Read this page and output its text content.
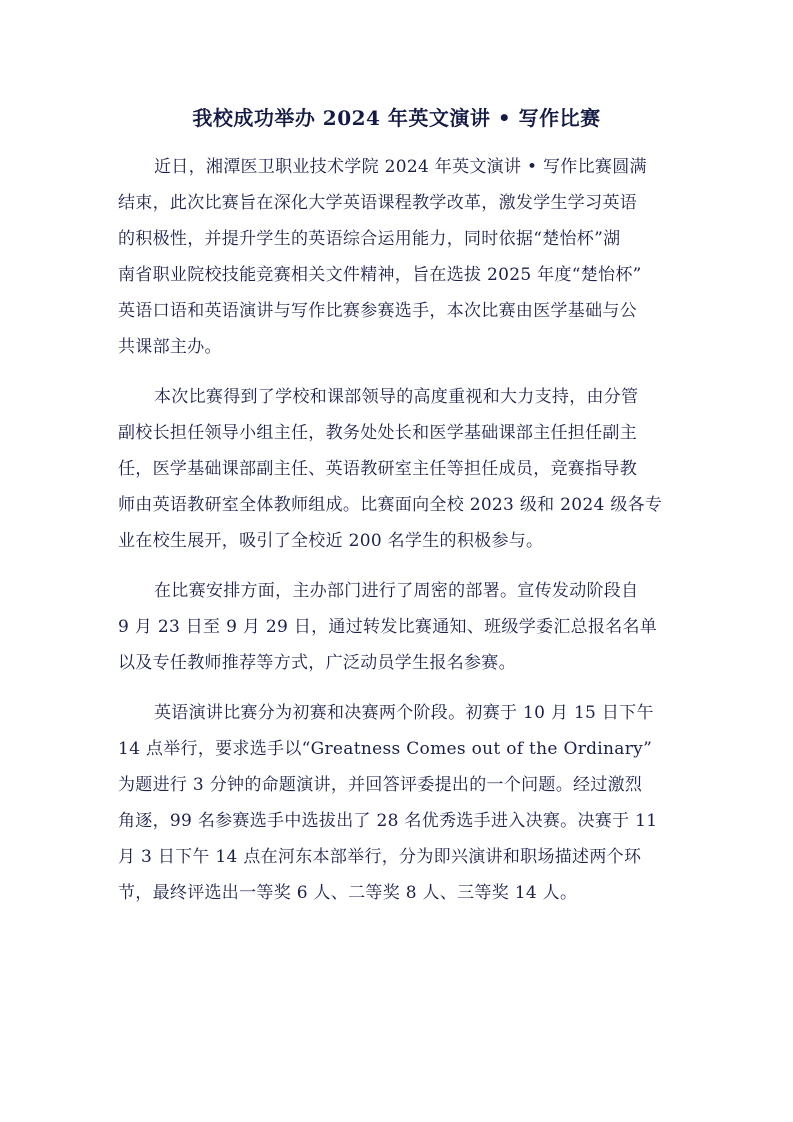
我校成功举办 2024 年英文演讲 • 写作比赛

近日，湘潭医卫职业技术学院 2024 年英文演讲 • 写作比赛圆满
结束，此次比赛旨在深化大学英语课程教学改革，激发学生学习英语
的积极性，并提升学生的英语综合运用能力，同时依据“楚怡杯”湖
南省职业院校技能竞赛相关文件精神，旨在选拔 2025 年度“楚怡杯”
英语口语和英语演讲与写作比赛参赛选手，本次比赛由医学基础与公
共课部主办。

本次比赛得到了学校和课部领导的高度重视和大力支持，由分管
副校长担任领导小组主任，教务处处长和医学基础课部主任担任副主
任，医学基础课部副主任、英语教研室主任等担任成员，竞赛指导教
师由英语教研室全体教师组成。比赛面向全校 2023 级和 2024 级各专
业在校生展开，吸引了全校近 200 名学生的积极参与。

在比赛安排方面，主办部门进行了周密的部署。宣传发动阶段自
9 月 23 日至 9 月 29 日，通过转发比赛通知、班级学委汇总报名名单
以及专任教师推荐等方式，广泛动员学生报名参赛。

英语演讲比赛分为初赛和决赛两个阶段。初赛于 10 月 15 日下午
14 点举行，要求选手以“Greatness Comes out of the Ordinary”
为题进行 3 分钟的命题演讲，并回答评委提出的一个问题。经过激烈
角逐，99 名参赛选手中选拔出了 28 名优秀选手进入决赛。决赛于 11
月 3 日下午 14 点在河东本部举行，分为即兴演讲和职场描述两个环
节，最终评选出一等奖 6 人、二等奖 8 人、三等奖 14 人。
